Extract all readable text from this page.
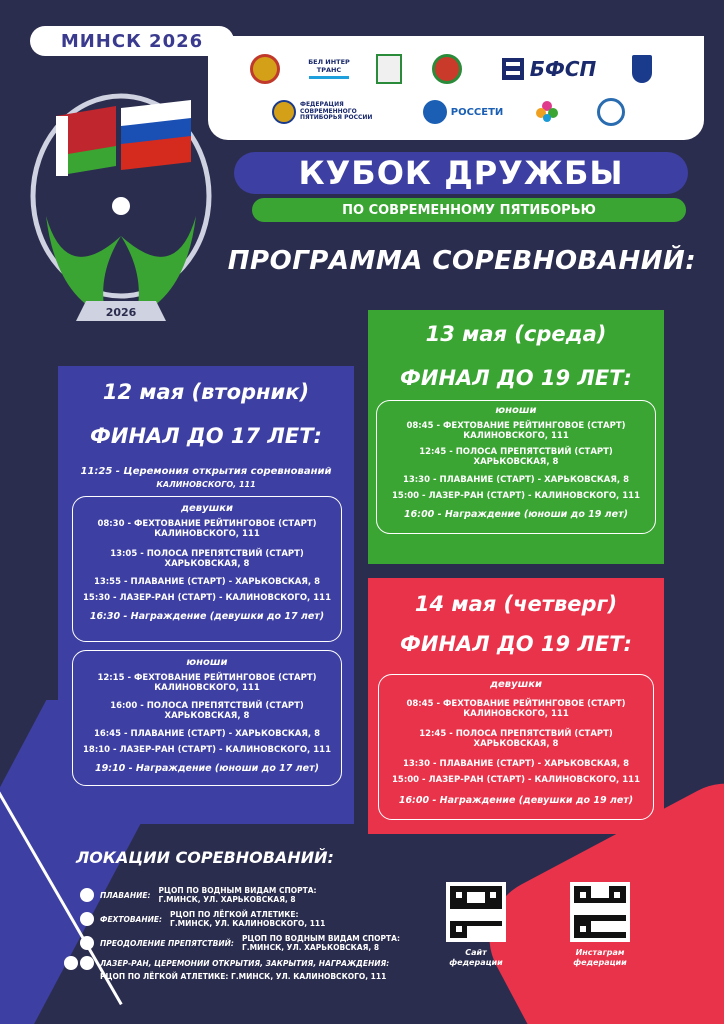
БЕЛ ИНТЕР ТРАНС	БФСП
ФЕДЕРАЦИЯ СОВРЕМЕННОГО ПЯТИБОРЬЯ РОССИИ
РОССЕТИ
МИНСК 2026
2026
КУБОК ДРУЖБЫ
ПО СОВРЕМЕННОМУ ПЯТИБОРЬЮ
ПРОГРАММА СОРЕВНОВАНИЙ:
12 мая (вторник)
ФИНАЛ ДО 17 ЛЕТ:
11:25 - Церемония открытия соревнований
КАЛИНОВСКОГО, 111
девушки
08:30 - ФЕХТОВАНИЕ РЕЙТИНГОВОЕ (СТАРТ)
КАЛИНОВСКОГО, 111
13:05 - ПОЛОСА ПРЕПЯТСТВИЙ (СТАРТ)
ХАРЬКОВСКАЯ, 8
13:55 - ПЛАВАНИЕ (СТАРТ) - ХАРЬКОВСКАЯ, 8
15:30 - ЛАЗЕР-РАН (СТАРТ) - КАЛИНОВСКОГО, 111
16:30 - Награждение (девушки до 17 лет)
юноши
12:15 - ФЕХТОВАНИЕ РЕЙТИНГОВОЕ (СТАРТ)
КАЛИНОВСКОГО, 111
16:00 - ПОЛОСА ПРЕПЯТСТВИЙ (СТАРТ)
ХАРЬКОВСКАЯ, 8
16:45 - ПЛАВАНИЕ (СТАРТ) - ХАРЬКОВСКАЯ, 8
18:10 - ЛАЗЕР-РАН (СТАРТ) - КАЛИНОВСКОГО, 111
19:10 - Награждение (юноши до 17 лет)
13 мая (среда)
ФИНАЛ ДО 19 ЛЕТ:
юноши
08:45 - ФЕХТОВАНИЕ РЕЙТИНГОВОЕ (СТАРТ)
КАЛИНОВСКОГО, 111
12:45 - ПОЛОСА ПРЕПЯТСТВИЙ (СТАРТ)
ХАРЬКОВСКАЯ, 8
13:30 - ПЛАВАНИЕ (СТАРТ) - ХАРЬКОВСКАЯ, 8
15:00 - ЛАЗЕР-РАН (СТАРТ) - КАЛИНОВСКОГО, 111
16:00 - Награждение (юноши до 19 лет)
14 мая (четверг)
ФИНАЛ ДО 19 ЛЕТ:
девушки
08:45 - ФЕХТОВАНИЕ РЕЙТИНГОВОЕ (СТАРТ)
КАЛИНОВСКОГО, 111
12:45 - ПОЛОСА ПРЕПЯТСТВИЙ (СТАРТ)
ХАРЬКОВСКАЯ, 8
13:30 - ПЛАВАНИЕ (СТАРТ) - ХАРЬКОВСКАЯ, 8
15:00 - ЛАЗЕР-РАН (СТАРТ) - КАЛИНОВСКОГО, 111
16:00 - Награждение (девушки до 19 лет)
ЛОКАЦИИ СОРЕВНОВАНИЙ:
ПЛАВАНИЕ: РЦОП ПО ВОДНЫМ ВИДАМ СПОРТА:
Г.МИНСК, УЛ. ХАРЬКОВСКАЯ, 8
ФЕХТОВАНИЕ: РЦОП ПО ЛЁГКОЙ АТЛЕТИКЕ:
Г.МИНСК, УЛ. КАЛИНОВСКОГО, 111
ПРЕОДОЛЕНИЕ ПРЕПЯТСТВИЙ: РЦОП ПО ВОДНЫМ ВИДАМ СПОРТА:
Г.МИНСК, УЛ. ХАРЬКОВСКАЯ, 8
ЛАЗЕР-РАН, ЦЕРЕМОНИИ ОТКРЫТИЯ, ЗАКРЫТИЯ, НАГРАЖДЕНИЯ:
РЦОП ПО ЛЁГКОЙ АТЛЕТИКЕ: Г.МИНСК, УЛ. КАЛИНОВСКОГО, 111
Сайт
федерации
Инстаграм
федерации
